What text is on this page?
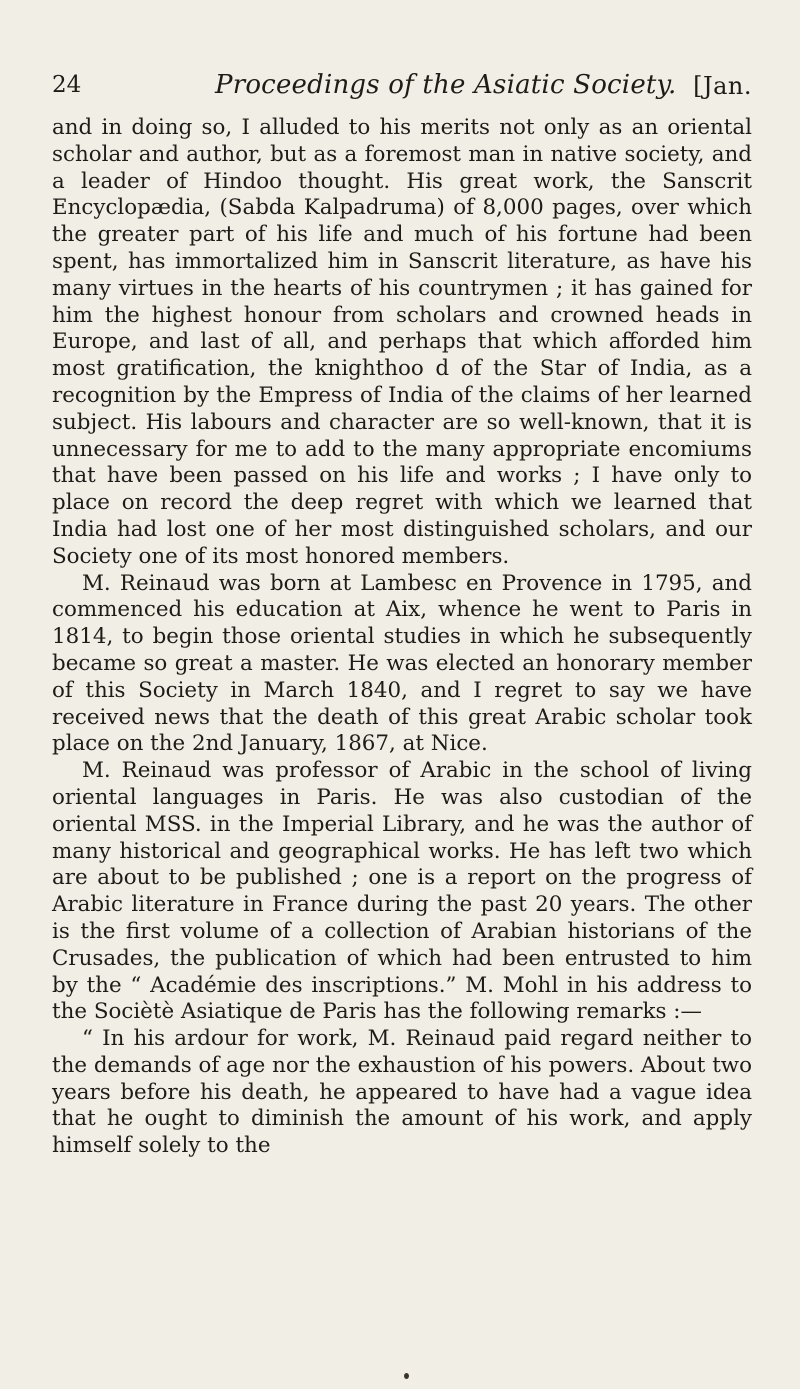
24	Proceedings of the Asiatic Society. [Jan.

and in doing so, I alluded to his merits not only as an oriental scholar and author, but as a foremost man in native society, and a leader of Hindoo thought. His great work, the Sanscrit Encyclopædia, (Sabda Kalpadruma) of 8,000 pages, over which the greater part of his life and much of his fortune had been spent, has immortalized him in Sanscrit literature, as have his many virtues in the hearts of his countrymen ; it has gained for him the highest honour from scholars and crowned heads in Europe, and last of all, and perhaps that which afforded him most gratification, the knighthoo d of the Star of India, as a recognition by the Empress of India of the claims of her learned subject. His labours and character are so well-known, that it is unnecessary for me to add to the many appropriate encomiums that have been passed on his life and works ; I have only to place on record the deep regret with which we learned that India had lost one of her most distinguished scholars, and our Society one of its most honored members.

M. Reinaud was born at Lambesc en Provence in 1795, and commenced his education at Aix, whence he went to Paris in 1814, to begin those oriental studies in which he subsequently became so great a master. He was elected an honorary member of this Society in March 1840, and I regret to say we have received news that the death of this great Arabic scholar took place on the 2nd January, 1867, at Nice.

M. Reinaud was professor of Arabic in the school of living oriental languages in Paris. He was also custodian of the oriental MSS. in the Imperial Library, and he was the author of many historical and geographical works. He has left two which are about to be published ; one is a report on the progress of Arabic literature in France during the past 20 years. The other is the first volume of a collection of Arabian historians of the Crusades, the publication of which had been entrusted to him by the “ Académie des inscriptions.” M. Mohl in his address to the Sociètè Asiatique de Paris has the following remarks :—

“ In his ardour for work, M. Reinaud paid regard neither to the demands of age nor the exhaustion of his powers. About two years before his death, he appeared to have had a vague idea that he ought to diminish the amount of his work, and apply himself solely to the
